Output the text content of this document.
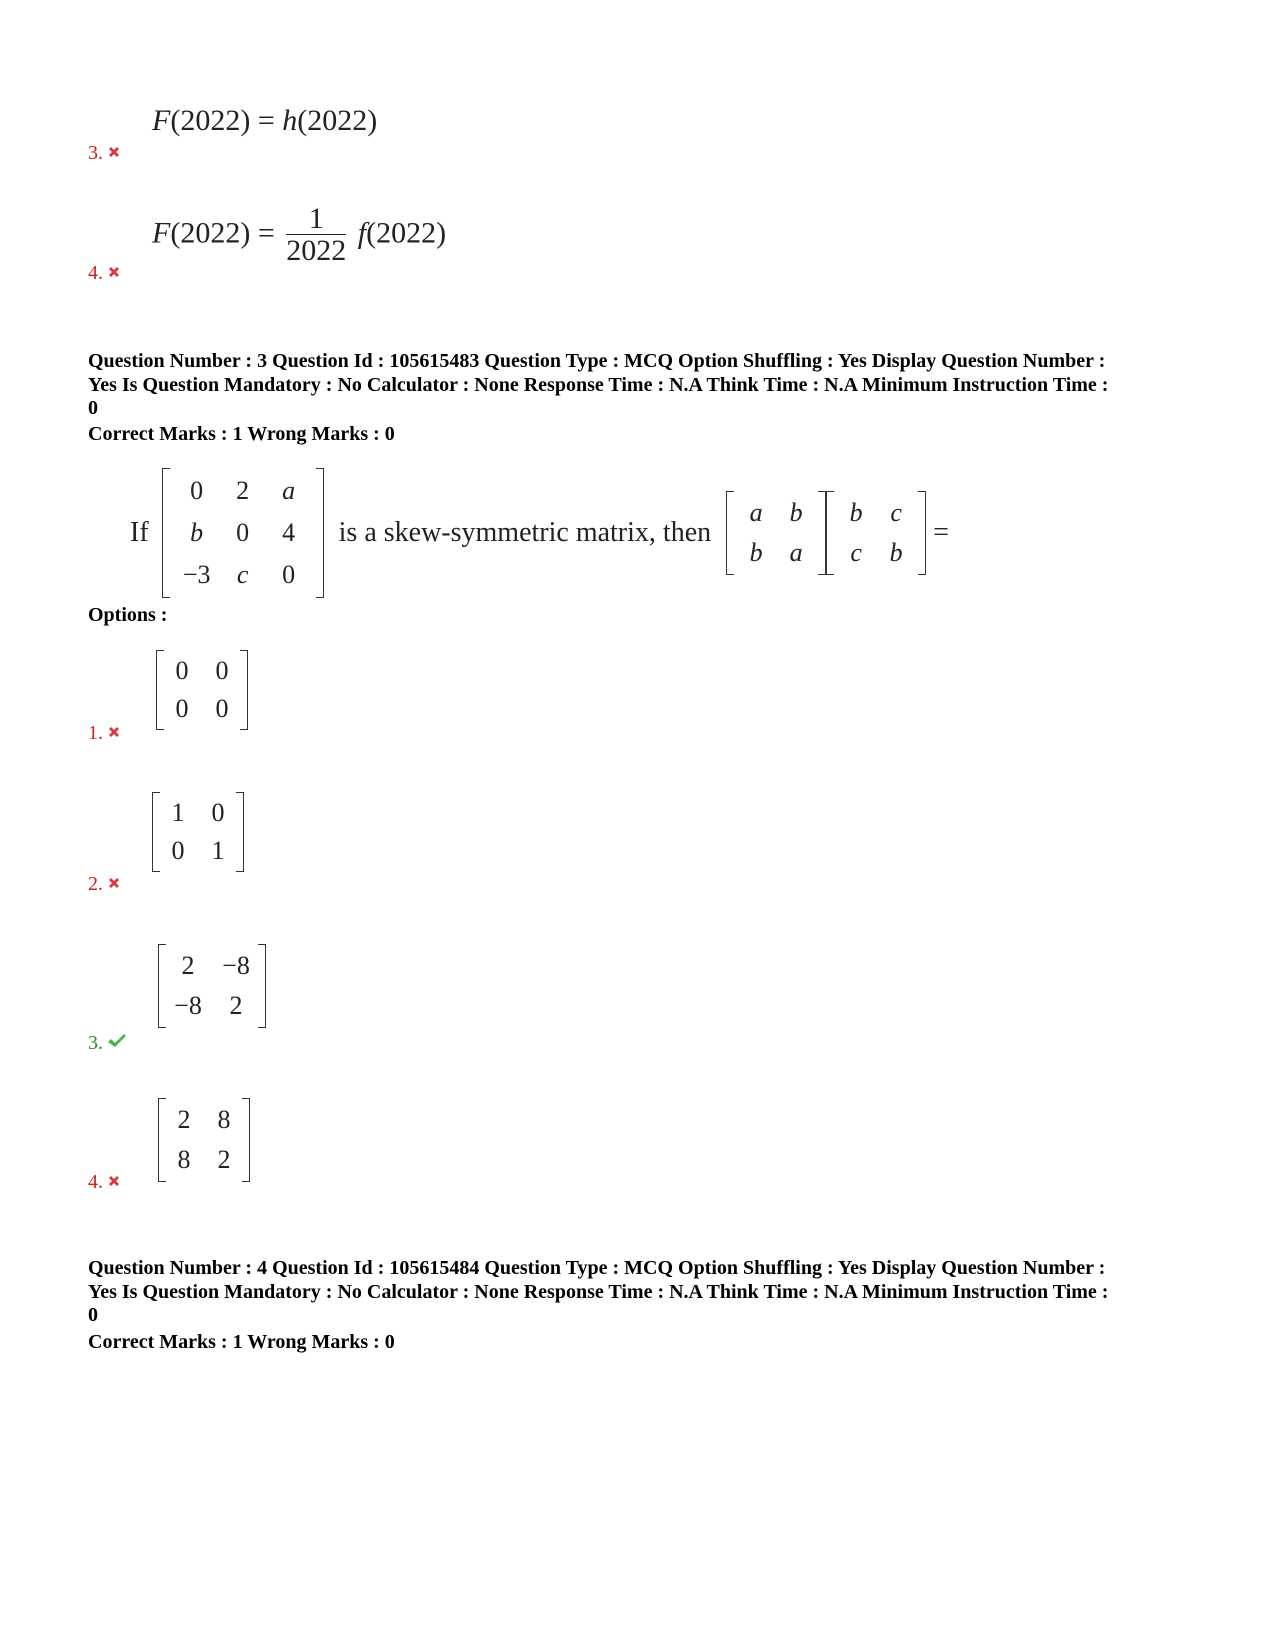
F(2022) = h(2022)
3.
$F(2022) = \frac{1}{2022} f(2022)$
4.

Question Number : 3 Question Id : 105615483 Question Type : MCQ Option Shuffling : Yes Display Question Number :

Yes Is Question Mandatory : No Calculator : None Response Time : N.A Think Time : N.A Minimum Instruction Time :

0

Correct Marks : 1 Wrong Marks : 0

If
0	2	a
b	0	4
−3	c	0
is a skew-symmetric matrix, then
a	b
b	a
b	c
c	b
=

Options :

0	0
0	0
1.
1	0
0	1
2.
2	−8
−8	2
3.
2	8
8	2
4.

Question Number : 4 Question Id : 105615484 Question Type : MCQ Option Shuffling : Yes Display Question Number :

Yes Is Question Mandatory : No Calculator : None Response Time : N.A Think Time : N.A Minimum Instruction Time :

0

Correct Marks : 1 Wrong Marks : 0
